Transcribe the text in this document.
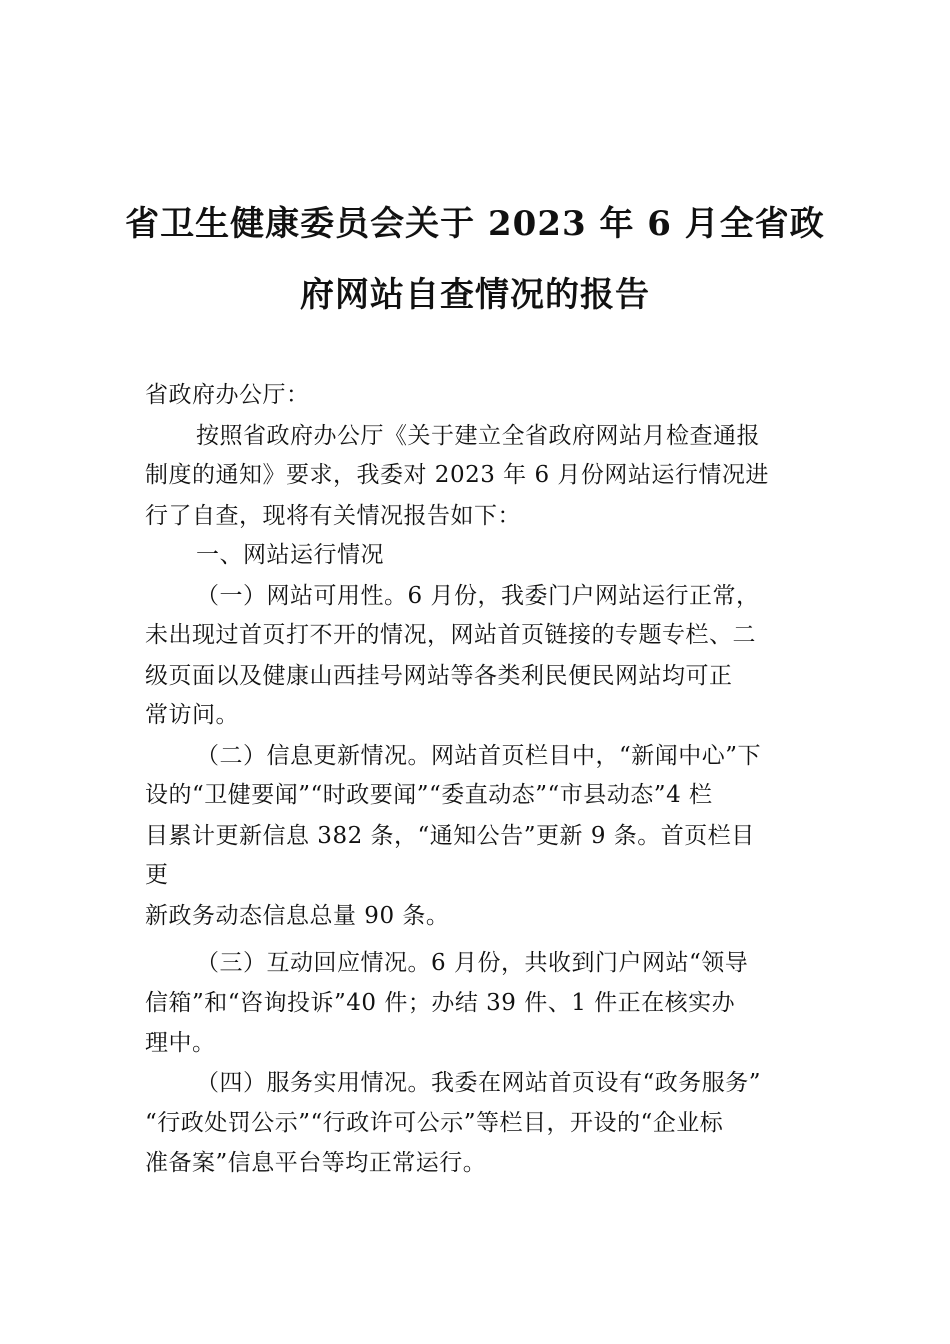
省卫生健康委员会关于 2023 年 6 月全省政
府网站自查情况的报告
省政府办公厅：
按照省政府办公厅《关于建立全省政府网站月检查通报
制度的通知》要求，我委对 2023 年 6 月份网站运行情况进
行了自查，现将有关情况报告如下：
一、网站运行情况
（一）网站可用性。6 月份，我委门户网站运行正常，
未出现过首页打不开的情况，网站首页链接的专题专栏、二
级页面以及健康山西挂号网站等各类利民便民网站均可正
常访问。
（二）信息更新情况。网站首页栏目中，“新闻中心”下
设的“卫健要闻”“时政要闻”“委直动态”“市县动态”4 栏
目累计更新信息 382 条，“通知公告”更新 9 条。首页栏目
更
新政务动态信息总量 90 条。
（三）互动回应情况。6 月份，共收到门户网站“领导
信箱”和“咨询投诉”40 件；办结 39 件、1 件正在核实办
理中。
（四）服务实用情况。我委在网站首页设有“政务服务”
“行政处罚公示”“行政许可公示”等栏目，开设的“企业标
准备案”信息平台等均正常运行。
